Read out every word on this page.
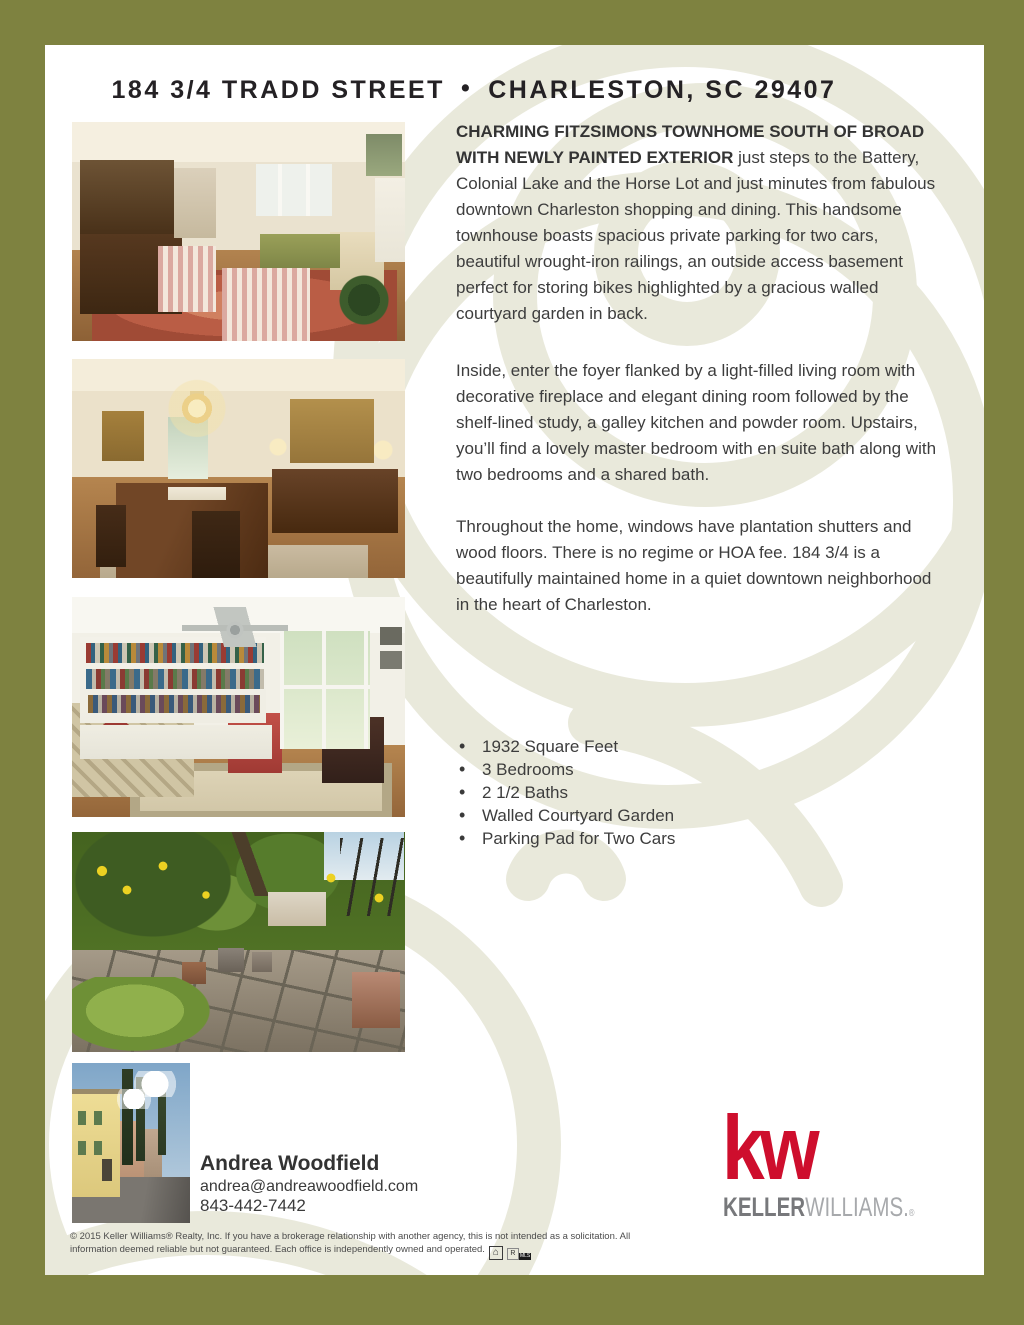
184 3/4 TRADD STREET • CHARLESTON, SC 29407

CHARMING FITZSIMONS TOWNHOME SOUTH OF BROAD WITH NEWLY PAINTED EXTERIOR just steps to the Battery, Colonial Lake and the Horse Lot and just minutes from fabulous downtown Charleston shopping and dining. This handsome townhouse boasts spacious private parking for two cars, beautiful wrought-iron railings, an outside access basement perfect for storing bikes highlighted by a gracious walled courtyard garden in back.

Inside, enter the foyer flanked by a light-filled living room with decorative fireplace and elegant dining room followed by the shelf-lined study, a galley kitchen and powder room. Upstairs, you’ll find a lovely master bedroom with en suite bath along with two bedrooms and a shared bath.

Throughout the home, windows have plantation shutters and wood floors. There is no regime or HOA fee. 184 3/4 is a beautifully maintained home in a quiet downtown neighborhood in the heart of Charleston.

• 1932 Square Feet
• 3 Bedrooms
• 2 1/2 Baths
• Walled Courtyard Garden
• Parking Pad for Two Cars
Andrea Woodfield
andrea@andreawoodfield.com
843-442-7442
kw
KELLERWILLIAMS.®
© 2015 Keller Williams® Realty, Inc. If you have a brokerage relationship with another agency, this is not intended as a solicitation. All information deemed reliable but not guaranteed. Each office is independently owned and operated. ⌂	R MLS
